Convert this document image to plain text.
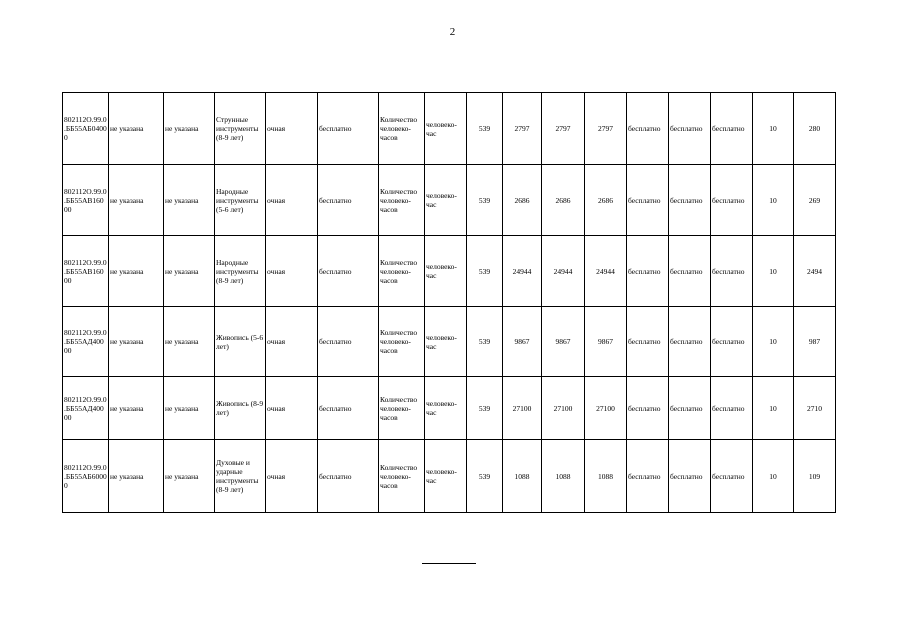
2
802112О.99.0.ББ55АБ04000	не указана	не указана	Струнные инструменты (8-9 лет)	очная	бесплатно	Количество человеко-часов	человеко-час	539	2797	2797	2797	бесплатно	бесплатно	бесплатно	10	280
802112О.99.0.ББ55АВ16000	не указана	не указана	Народные инструменты (5-6 лет)	очная	бесплатно	Количество человеко-часов	человеко-час	539	2686	2686	2686	бесплатно	бесплатно	бесплатно	10	269
802112О.99.0.ББ55АВ16000	не указана	не указана	Народные инструменты (8-9 лет)	очная	бесплатно	Количество человеко-часов	человеко-час	539	24944	24944	24944	бесплатно	бесплатно	бесплатно	10	2494
802112О.99.0.ББ55АД40000	не указана	не указана	Живопись (5-6 лет)	очная	бесплатно	Количество человеко-часов	человеко-час	539	9867	9867	9867	бесплатно	бесплатно	бесплатно	10	987
802112О.99.0.ББ55АД40000	не указана	не указана	Живопись (8-9 лет)	очная	бесплатно	Количество человеко-часов	человеко-час	539	27100	27100	27100	бесплатно	бесплатно	бесплатно	10	2710
802112О.99.0.ББ55АБ60000	не указана	не указана	Духовые и ударные инструменты (8-9 лет)	очная	бесплатно	Количество человеко-часов	человеко-час	539	1088	1088	1088	бесплатно	бесплатно	бесплатно	10	109
